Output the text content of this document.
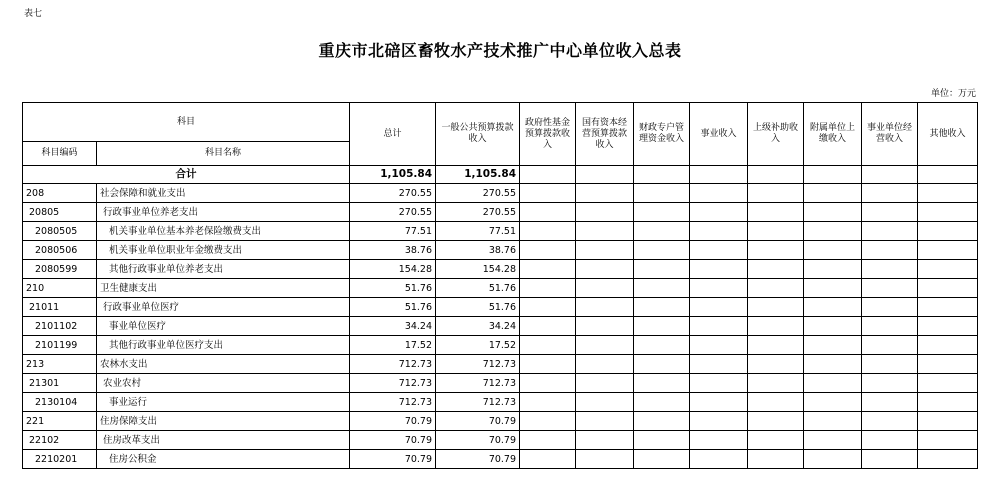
表七
重庆市北碚区畜牧水产技术推广中心单位收入总表
单位：万元
科目		总计	一般公共预算拨款收入	政府性基金预算拨款收入	国有资本经营预算拨款收入	财政专户管理资金收入	事业收入	上级补助收入	附属单位上缴收入	事业单位经营收入	其他收入
科目编码	科目名称										
合计		1,105.84	1,105.84								
208	社会保障和就业支出	270.55	270.55								
20805	行政事业单位养老支出	270.55	270.55								
2080505	机关事业单位基本养老保险缴费支出	77.51	77.51								
2080506	机关事业单位职业年金缴费支出	38.76	38.76								
2080599	其他行政事业单位养老支出	154.28	154.28								
210	卫生健康支出	51.76	51.76								
21011	行政事业单位医疗	51.76	51.76								
2101102	事业单位医疗	34.24	34.24								
2101199	其他行政事业单位医疗支出	17.52	17.52								
213	农林水支出	712.73	712.73								
21301	农业农村	712.73	712.73								
2130104	事业运行	712.73	712.73								
221	住房保障支出	70.79	70.79								
22102	住房改革支出	70.79	70.79								
2210201	住房公积金	70.79	70.79								
